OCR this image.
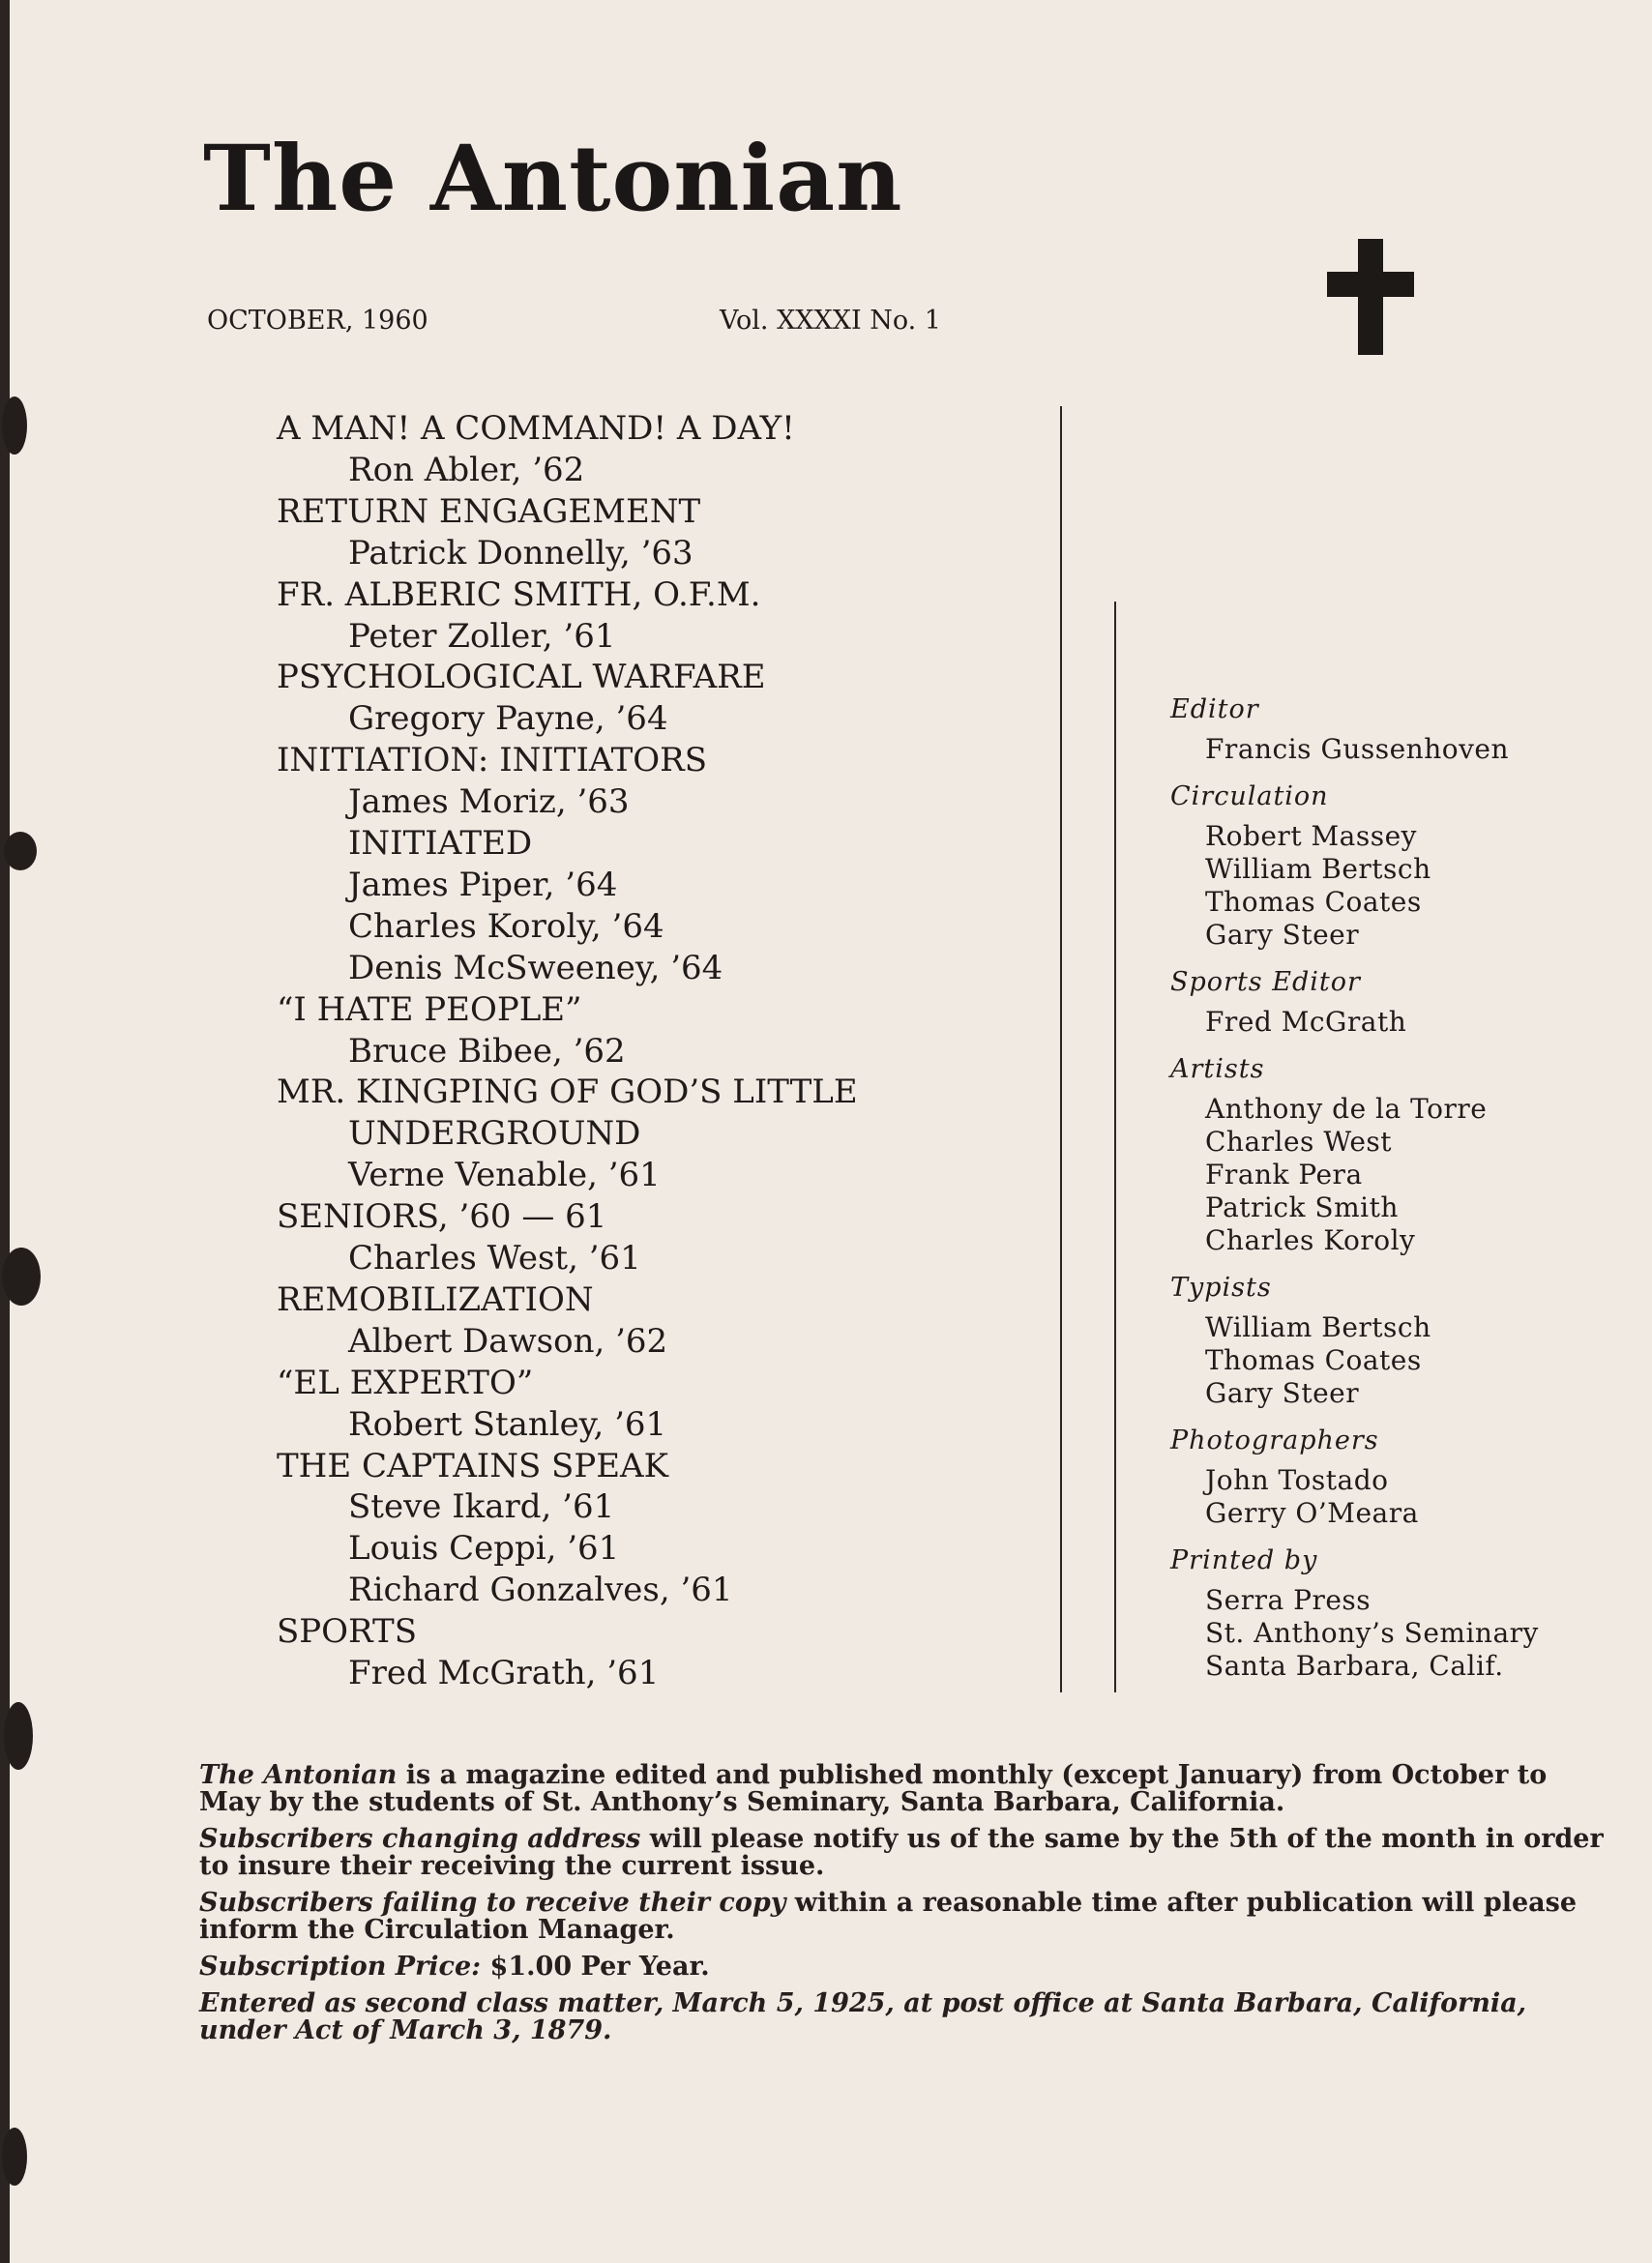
The Antonian
OCTOBER, 1960	Vol. XXXXI No. 1
A MAN! A COMMAND! A DAY!
Ron Abler, ’62
RETURN ENGAGEMENT
Patrick Donnelly, ’63
FR. ALBERIC SMITH, O.F.M.
Peter Zoller, ’61
PSYCHOLOGICAL WARFARE
Gregory Payne, ’64
INITIATION: INITIATORS
James Moriz, ’63
INITIATED
James Piper, ’64
Charles Koroly, ’64
Denis McSweeney, ’64
“I HATE PEOPLE”
Bruce Bibee, ’62
MR. KINGPING OF GOD’S LITTLE
UNDERGROUND
Verne Venable, ’61
SENIORS, ’60 — 61
Charles West, ’61
REMOBILIZATION
Albert Dawson, ’62
“EL EXPERTO”
Robert Stanley, ’61
THE CAPTAINS SPEAK
Steve Ikard, ’61
Louis Ceppi, ’61
Richard Gonzalves, ’61
SPORTS
Fred McGrath, ’61
Editor
Francis Gussenhoven
Circulation
Robert Massey
William Bertsch
Thomas Coates
Gary Steer
Sports Editor
Fred McGrath
Artists
Anthony de la Torre
Charles West
Frank Pera
Patrick Smith
Charles Koroly
Typists
William Bertsch
Thomas Coates
Gary Steer
Photographers
John Tostado
Gerry O’Meara
Printed by
Serra Press
St. Anthony’s Seminary
Santa Barbara, Calif.

The Antonian is a magazine edited and published monthly (except January) from October to May by the students of St. Anthony’s Seminary, Santa Barbara, California.

Subscribers changing address will please notify us of the same by the 5th of the month in order to insure their receiving the current issue.

Subscribers failing to receive their copy within a reasonable time after publication will please inform the Circulation Manager.

Subscription Price: $1.00 Per Year.

Entered as second class matter, March 5, 1925, at post office at Santa Barbara, California, under Act of March 3, 1879.
